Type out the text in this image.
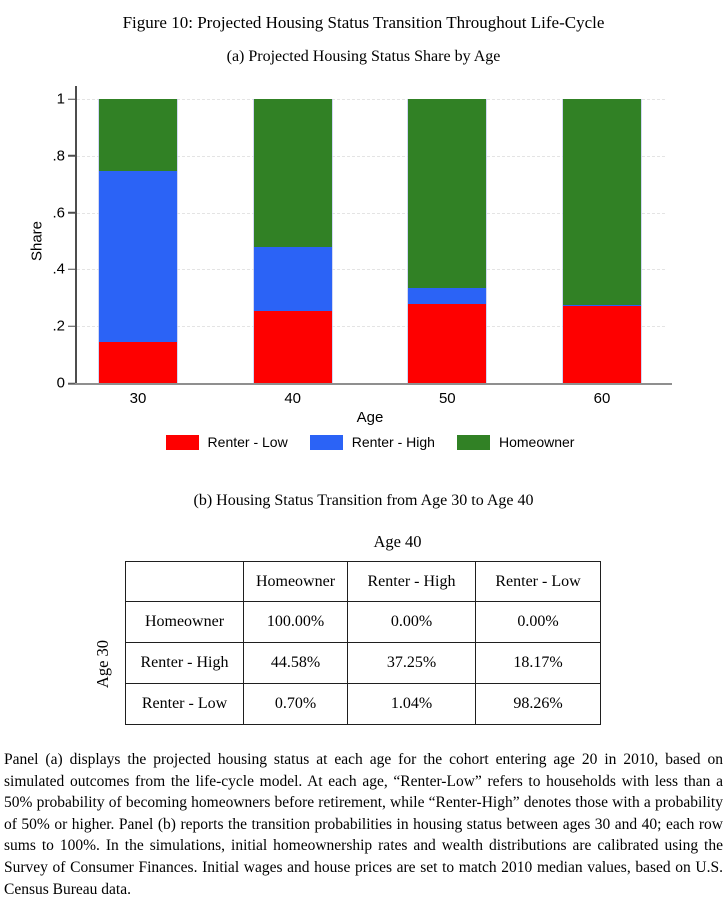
Figure 10: Projected Housing Status Transition Throughout Life-Cycle
(a) Projected Housing Status Share by Age
Share
0
.2
.4
.6
.8
1
30	40	50	60
Age
Renter - Low	Renter - High	Homeowner
(b) Housing Status Transition from Age 30 to Age 40
Age 40
Age 30
	Homeowner	Renter - High	Renter - Low
Homeowner	100.00%	0.00%	0.00%
Renter - High	44.58%	37.25%	18.17%
Renter - Low	0.70%	1.04%	98.26%

Panel (a) displays the projected housing status at each age for the cohort entering age 20 in 2010, based on simulated outcomes from the life-cycle model. At each age, “Renter-Low” refers to households with less than a 50% probability of becoming homeowners before retirement, while “Renter-High” denotes those with a probability of 50% or higher. Panel (b) reports the transition probabilities in housing status between ages 30 and 40; each row sums to 100%. In the simulations, initial homeownership rates and wealth distributions are calibrated using the Survey of Consumer Finances. Initial wages and house prices are set to match 2010 median values, based on U.S. Census Bureau data.
